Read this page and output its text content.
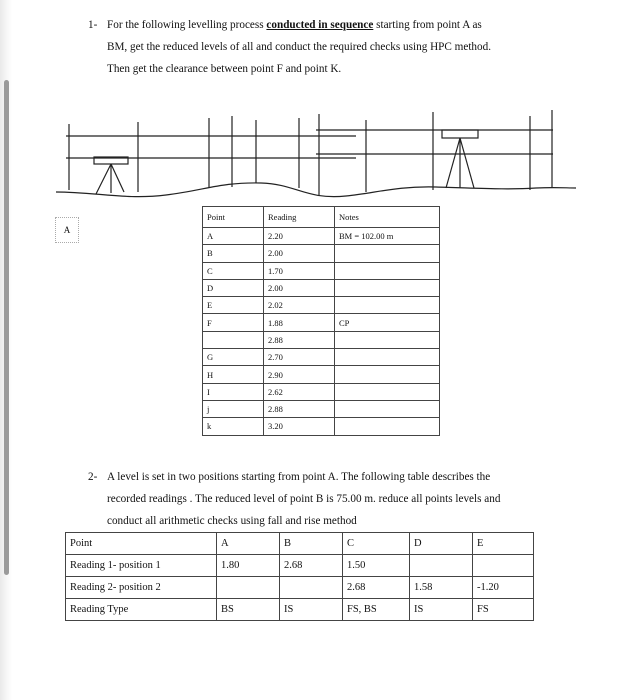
1- For the following levelling process conducted in sequence starting from point A as
BM, get the reduced levels of all and conduct the required checks using HPC method.
Then get the clearance between point F and point K.
A
Point	Reading	Notes
A	2.20	BM = 102.00 m
B	2.00	
C	1.70	
D	2.00	
E	2.02	
F	1.88	CP
	2.88	
G	2.70	
H	2.90	
I	2.62	
j	2.88	
k	3.20	
2- A level is set in two positions starting from point A. The following table describes the
recorded readings . The reduced level of point B is 75.00 m. reduce all points levels and
conduct all arithmetic checks using fall and rise method
Point	A	B	C	D	E
Reading 1- position 1	1.80	2.68	1.50		
Reading 2- position 2			2.68	1.58	-1.20
Reading Type	BS	IS	FS, BS	IS	FS
